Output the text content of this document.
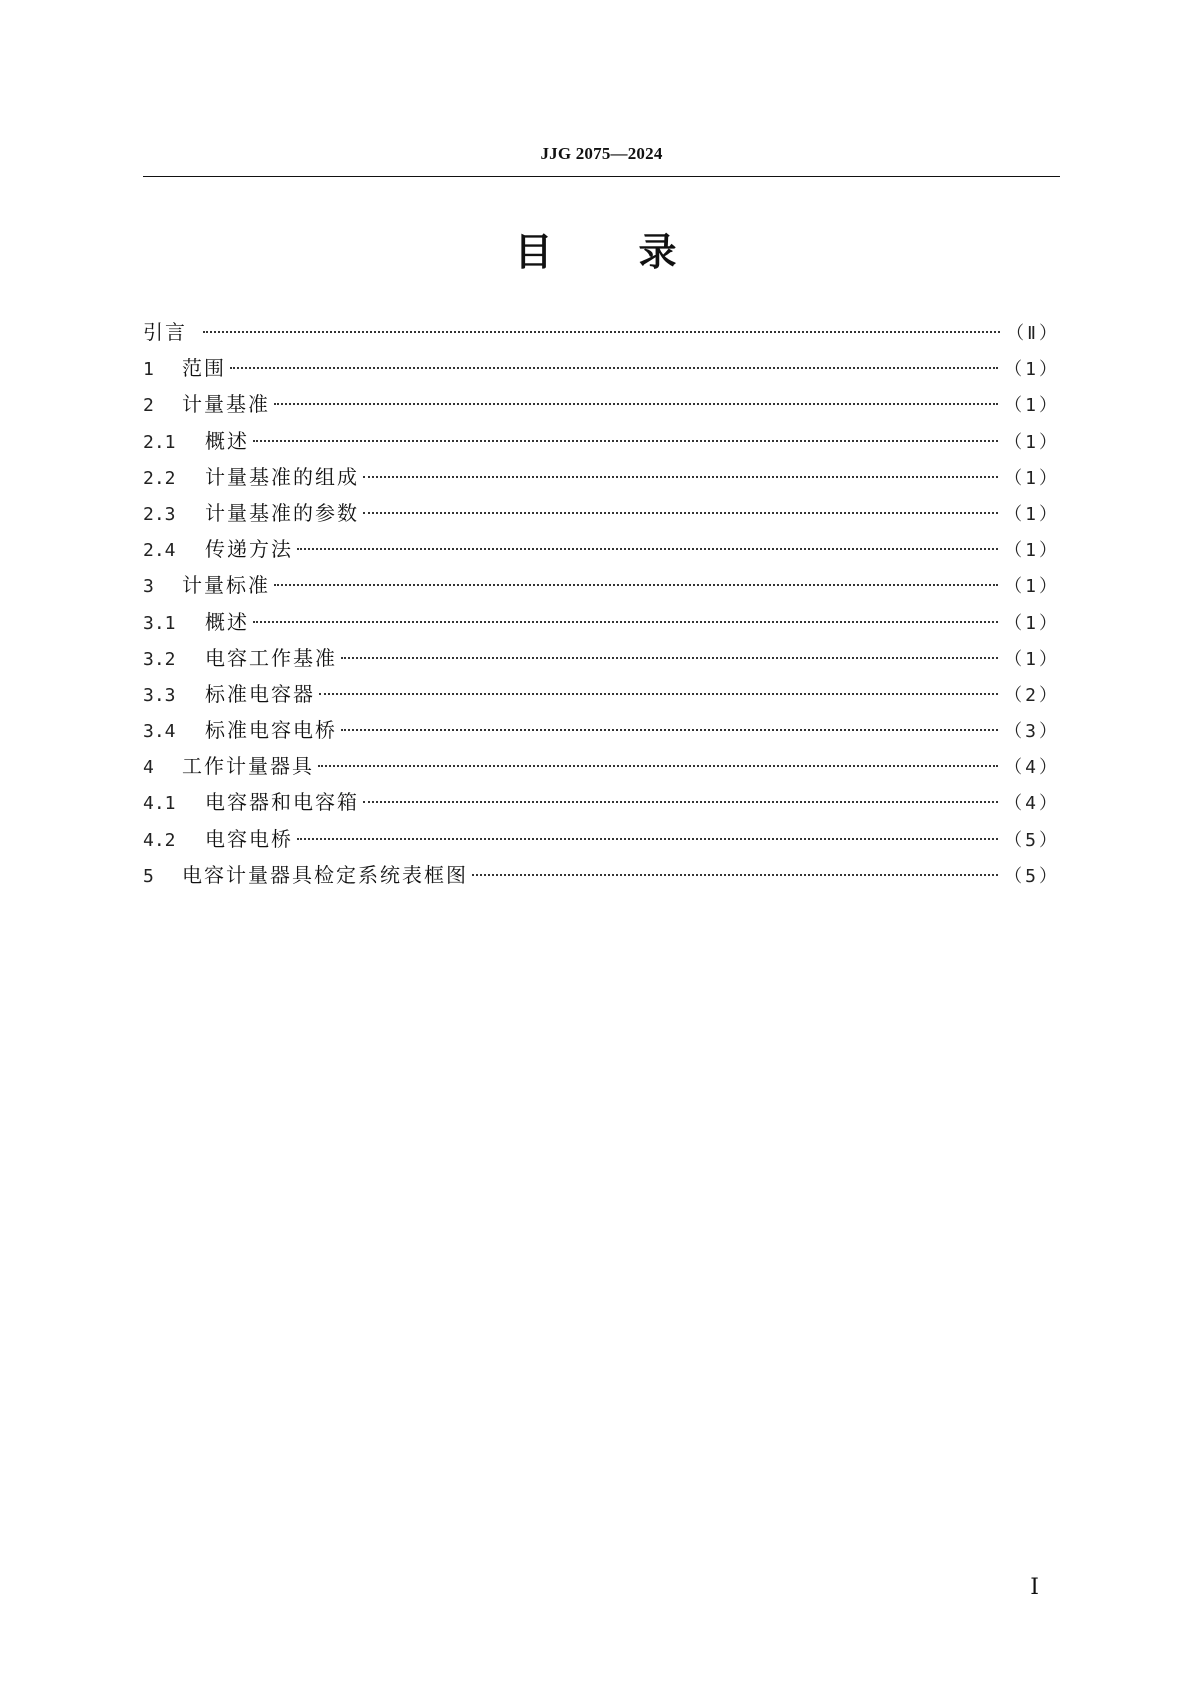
JJG 2075—2024
目录
引言	（Ⅱ）
1	范围	（1）
2	计量基准	（1）
2.1	概述	（1）
2.2	计量基准的组成	（1）
2.3	计量基准的参数	（1）
2.4	传递方法	（1）
3	计量标准	（1）
3.1	概述	（1）
3.2	电容工作基准	（1）
3.3	标准电容器	（2）
3.4	标准电容电桥	（3）
4	工作计量器具	（4）
4.1	电容器和电容箱	（4）
4.2	电容电桥	（5）
5	电容计量器具检定系统表框图	（5）
Ⅰ
